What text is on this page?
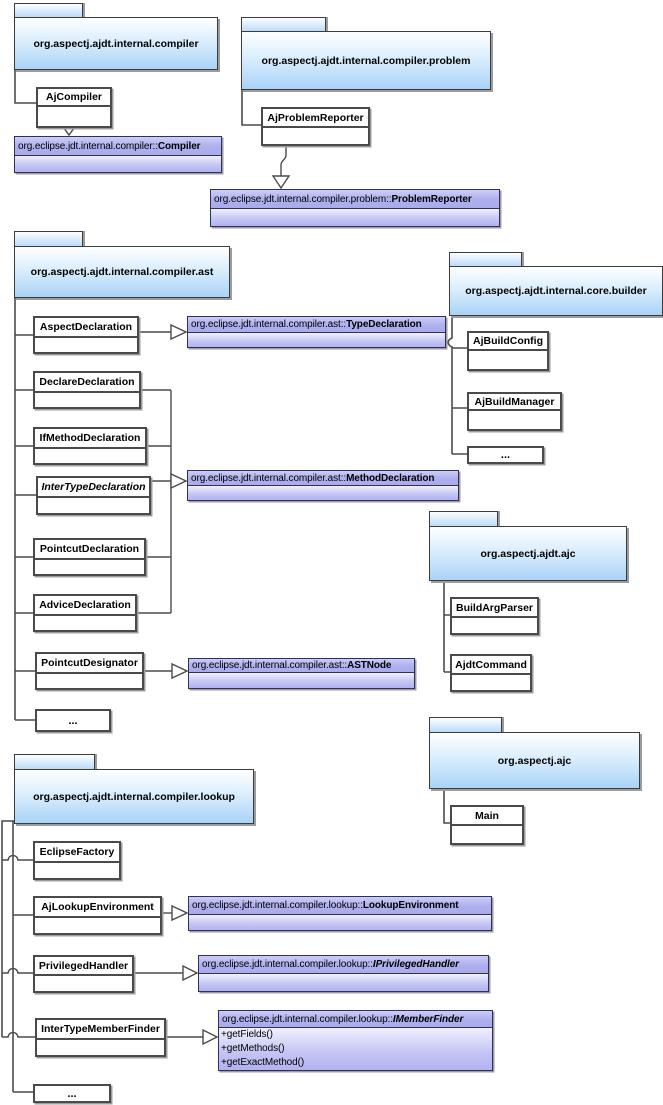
org.aspectj.ajdt.internal.compiler
org.aspectj.ajdt.internal.compiler.problem
org.aspectj.ajdt.internal.compiler.ast
org.aspectj.ajdt.internal.core.builder
org.aspectj.ajdt.ajc
org.aspectj.ajc
org.aspectj.ajdt.internal.compiler.lookup
AjCompiler
AjProblemReporter
AspectDeclaration
DeclareDeclaration
IfMethodDeclaration
InterTypeDeclaration
PointcutDeclaration
AdviceDeclaration
PointcutDesignator
...
AjBuildConfig
AjBuildManager
...
BuildArgParser
AjdtCommand
Main
EclipseFactory
AjLookupEnvironment
PrivilegedHandler
InterTypeMemberFinder
...
org.eclipse.jdt.internal.compiler:: Compiler
org.eclipse.jdt.internal.compiler.problem:: ProblemReporter
org.eclipse.jdt.internal.compiler.ast:: TypeDeclaration
org.eclipse.jdt.internal.compiler.ast:: MethodDeclaration
org.eclipse.jdt.internal.compiler.ast:: ASTNode
org.eclipse.jdt.internal.compiler.lookup:: LookupEnvironment
org.eclipse.jdt.internal.compiler.lookup:: IPrivilegedHandler
org.eclipse.jdt.internal.compiler.lookup:: IMemberFinder
+getFields()
+getMethods()
+getExactMethod()
